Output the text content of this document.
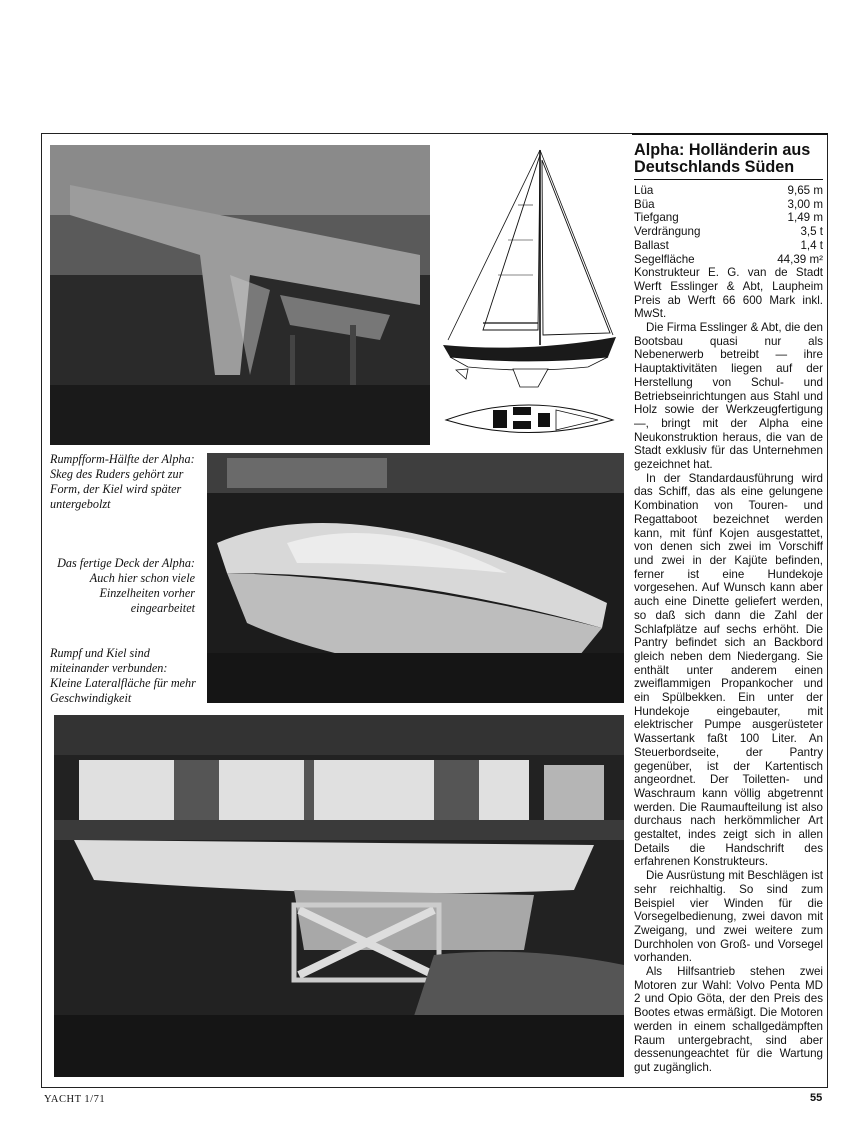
Rumpfform-Hälfte der Alpha: Skeg des Ruders gehört zur Form, der Kiel wird später untergebolzt
Das fertige Deck der Alpha: Auch hier schon viele Einzelheiten vorher eingearbeitet
Rumpf und Kiel sind miteinander verbunden: Kleine Lateralfläche für mehr Geschwindigkeit
Alpha: Holländerin aus Deutschlands Süden
Lüa	9,65 m
Büa	3,00 m
Tiefgang	1,49 m
Verdrängung	3,5 t
Ballast	1,4 t
Segelfläche	44,39 m²

Konstrukteur E. G. van de Stadt Werft Esslinger & Abt, Laupheim Preis ab Werft 66 600 Mark inkl. MwSt.

Die Firma Esslinger & Abt, die den Bootsbau quasi nur als Nebenerwerb betreibt — ihre Hauptaktivitäten liegen auf der Herstellung von Schul- und Betriebseinrichtungen aus Stahl und Holz sowie der Werkzeugfertigung —, bringt mit der Alpha eine Neukonstruktion heraus, die van de Stadt exklusiv für das Unternehmen gezeichnet hat.

In der Standardausführung wird das Schiff, das als eine gelungene Kombination von Touren- und Regattaboot bezeichnet werden kann, mit fünf Kojen ausgestattet, von denen sich zwei im Vorschiff und zwei in der Kajüte befinden, ferner ist eine Hundekoje vorgesehen. Auf Wunsch kann aber auch eine Dinette geliefert werden, so daß sich dann die Zahl der Schlafplätze auf sechs erhöht. Die Pantry befindet sich an Backbord gleich neben dem Niedergang. Sie enthält unter anderem einen zweiflammigen Propankocher und ein Spülbekken. Ein unter der Hundekoje eingebauter, mit elektrischer Pumpe ausgerüsteter Wassertank faßt 100 Liter. An Steuerbordseite, der Pantry gegenüber, ist der Kartentisch angeordnet. Der Toiletten- und Waschraum kann völlig abgetrennt werden. Die Raumaufteilung ist also durchaus nach herkömmlicher Art gestaltet, indes zeigt sich in allen Details die Handschrift des erfahrenen Konstrukteurs.

Die Ausrüstung mit Beschlägen ist sehr reichhaltig. So sind zum Beispiel vier Winden für die Vorsegelbedienung, zwei davon mit Zweigang, und zwei weitere zum Durchholen von Groß- und Vorsegel vorhanden.

Als Hilfsantrieb stehen zwei Motoren zur Wahl: Volvo Penta MD 2 und Opio Göta, der den Preis des Bootes etwas ermäßigt. Die Motoren werden in einem schallgedämpften Raum untergebracht, sind aber dessenungeachtet für die Wartung gut zugänglich.

YACHT 1/71	55
